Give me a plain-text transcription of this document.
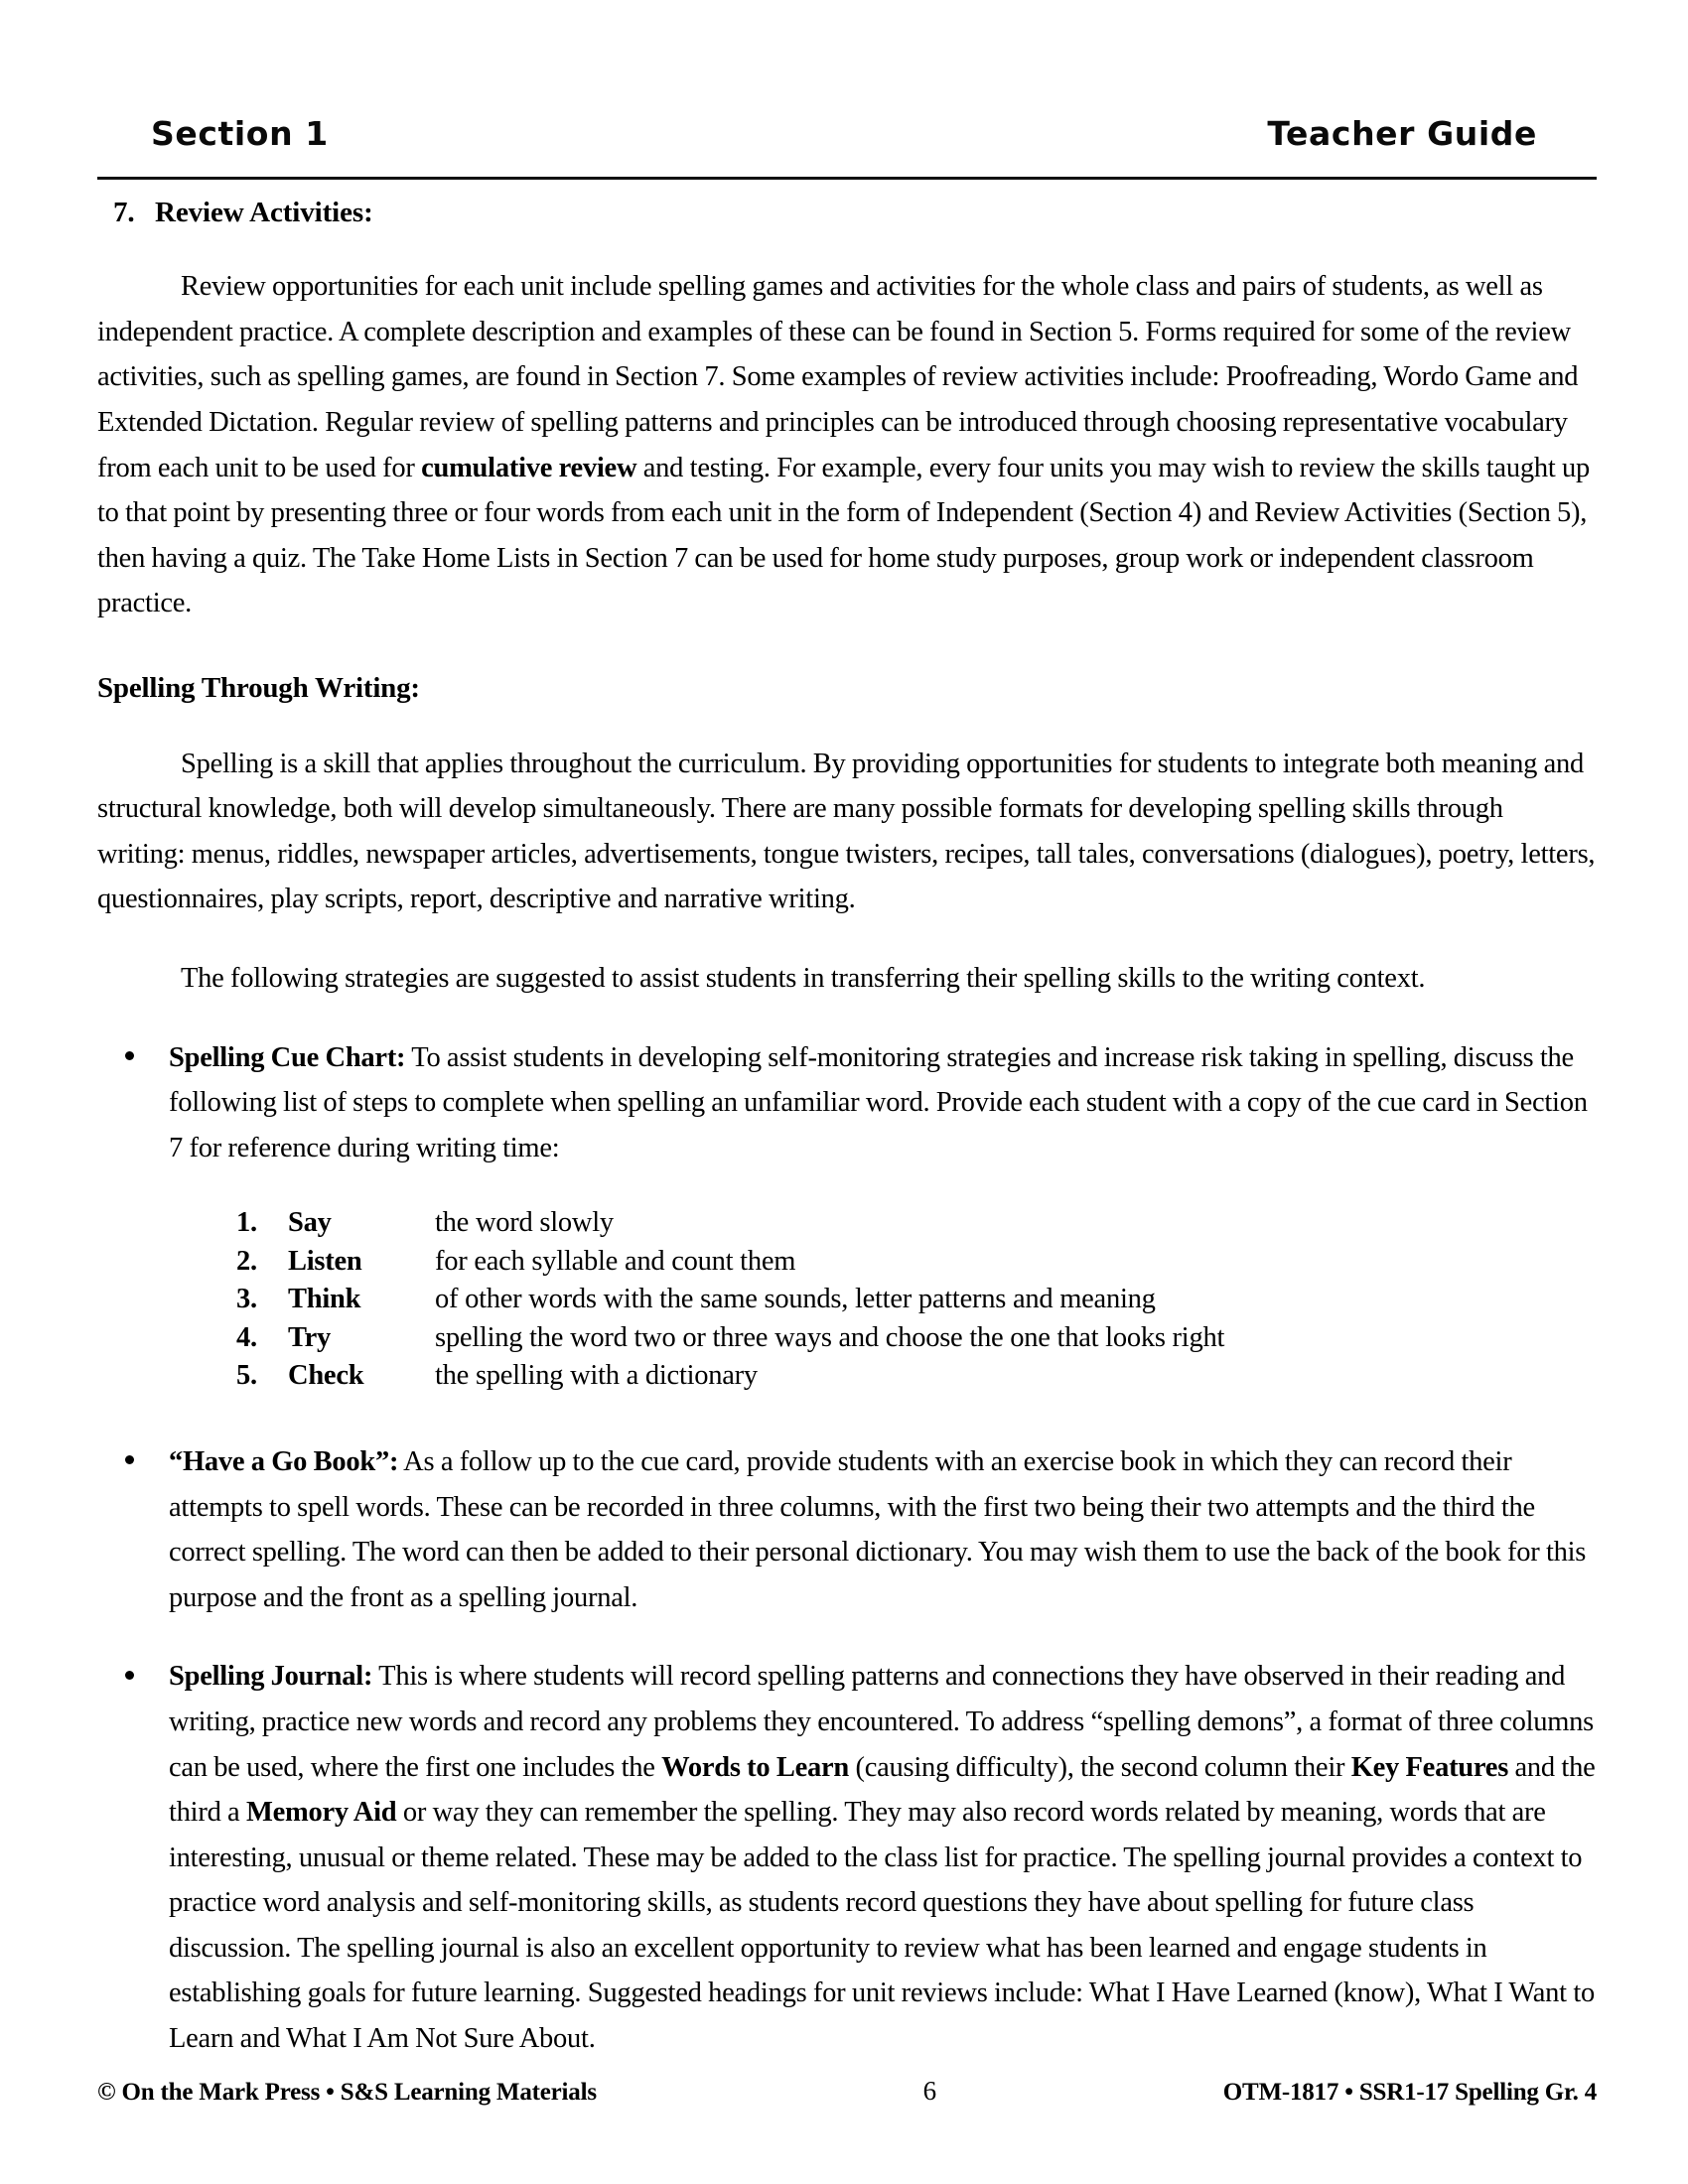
Section 1	Teacher Guide
7. Review Activities:

Review opportunities for each unit include spelling games and activities for the whole class and pairs of students, as well as independent practice. A complete description and examples of these can be found in Section 5. Forms required for some of the review activities, such as spelling games, are found in Section 7. Some examples of review activities include: Proofreading, Wordo Game and Extended Dictation. Regular review of spelling patterns and principles can be introduced through choosing representative vocabulary from each unit to be used for cumulative review and testing. For example, every four units you may wish to review the skills taught up to that point by presenting three or four words from each unit in the form of Independent (Section 4) and Review Activities (Section 5), then having a quiz. The Take Home Lists in Section 7 can be used for home study purposes, group work or independent classroom practice.

Spelling Through Writing:

Spelling is a skill that applies throughout the curriculum. By providing opportunities for students to integrate both meaning and structural knowledge, both will develop simultaneously. There are many possible formats for developing spelling skills through writing: menus, riddles, newspaper articles, advertisements, tongue twisters, recipes, tall tales, conversations (dialogues), poetry, letters, questionnaires, play scripts, report, descriptive and narrative writing.

The following strategies are suggested to assist students in transferring their spelling skills to the writing context.

Spelling Cue Chart: To assist students in developing self-monitoring strategies and increase risk taking in spelling, discuss the following list of steps to complete when spelling an unfamiliar word. Provide each student with a copy of the cue card in Section 7 for reference during writing time:

1.	Say	the word slowly
2.	Listen	for each syllable and count them
3.	Think	of other words with the same sounds, letter patterns and meaning
4.	Try	spelling the word two or three ways and choose the one that looks right
5.	Check	the spelling with a dictionary

“Have a Go Book”: As a follow up to the cue card, provide students with an exercise book in which they can record their attempts to spell words. These can be recorded in three columns, with the first two being their two attempts and the third the correct spelling. The word can then be added to their personal dictionary. You may wish them to use the back of the book for this purpose and the front as a spelling journal.

Spelling Journal: This is where students will record spelling patterns and connections they have observed in their reading and writing, practice new words and record any problems they encountered. To address “spelling demons”, a format of three columns can be used, where the first one includes the Words to Learn (causing difficulty), the second column their Key Features and the third a Memory Aid or way they can remember the spelling. They may also record words related by meaning, words that are interesting, unusual or theme related. These may be added to the class list for practice. The spelling journal provides a context to practice word analysis and self-monitoring skills, as students record questions they have about spelling for future class discussion. The spelling journal is also an excellent opportunity to review what has been learned and engage students in establishing goals for future learning. Suggested headings for unit reviews include: What I Have Learned (know), What I Want to Learn and What I Am Not Sure About.

© On the Mark Press • S&S Learning Materials	6	OTM-1817 • SSR1-17 Spelling Gr. 4
